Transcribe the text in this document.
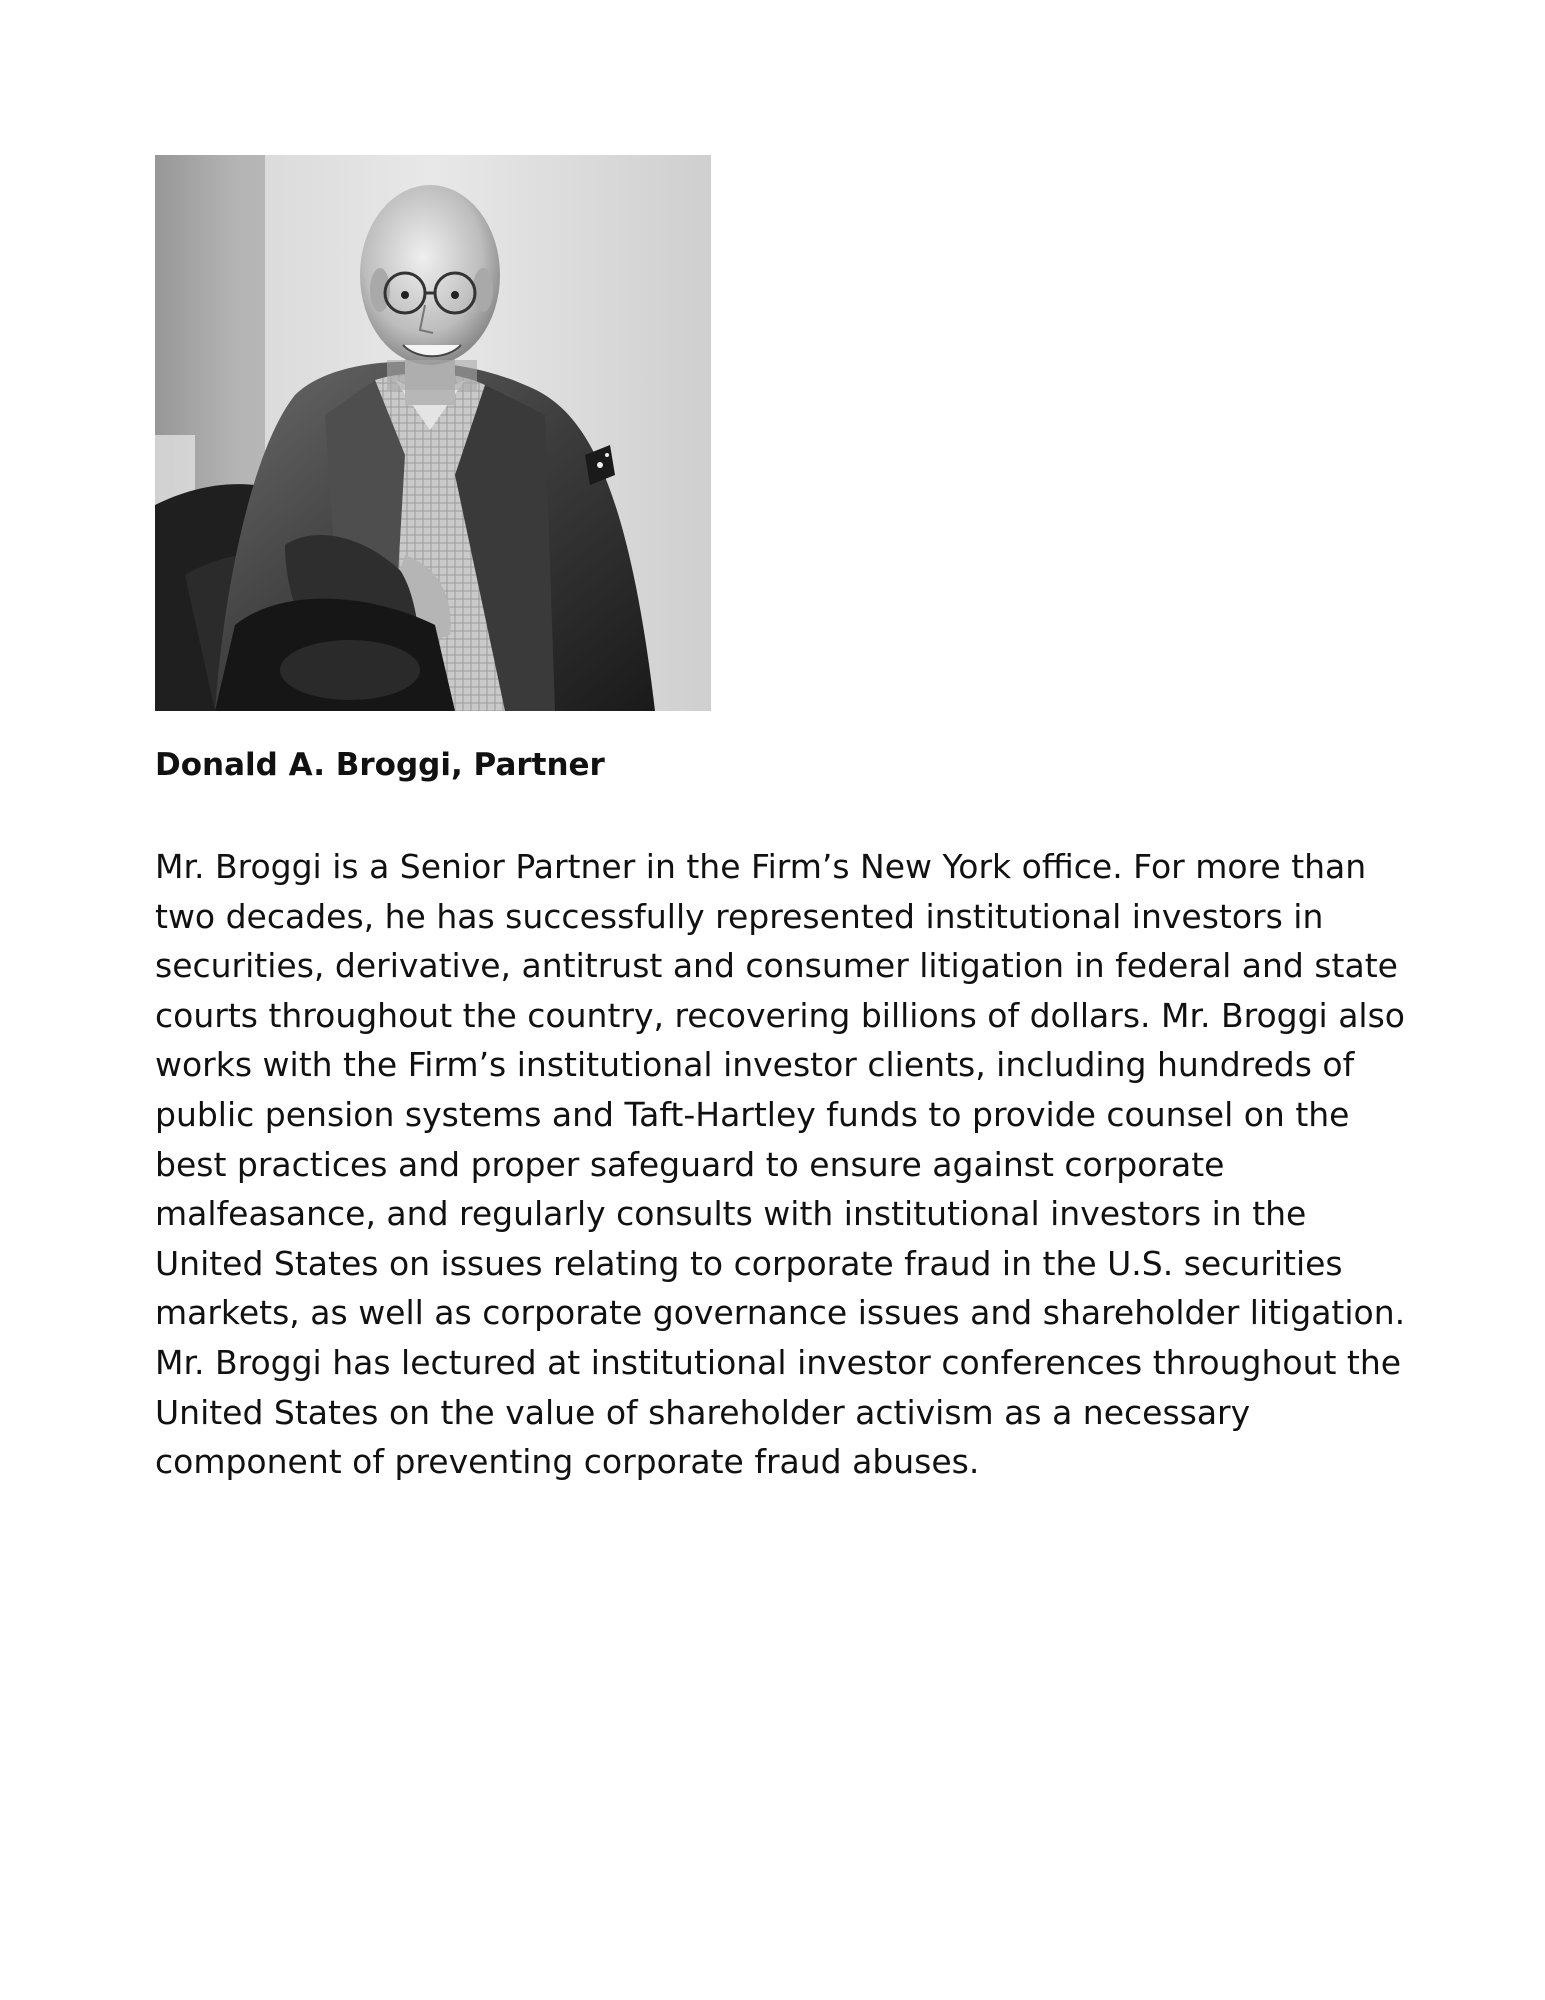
Donald A. Broggi, Partner

Mr. Broggi is a Senior Partner in the Firm’s New York office. For more than
two decades, he has successfully represented institutional investors in
securities, derivative, antitrust and consumer litigation in federal and state
courts throughout the country, recovering billions of dollars. Mr. Broggi also
works with the Firm’s institutional investor clients, including hundreds of
public pension systems and Taft-Hartley funds to provide counsel on the
best practices and proper safeguard to ensure against corporate
malfeasance, and regularly consults with institutional investors in the
United States on issues relating to corporate fraud in the U.S. securities
markets, as well as corporate governance issues and shareholder litigation.
Mr. Broggi has lectured at institutional investor conferences throughout the
United States on the value of shareholder activism as a necessary
component of preventing corporate fraud abuses.
